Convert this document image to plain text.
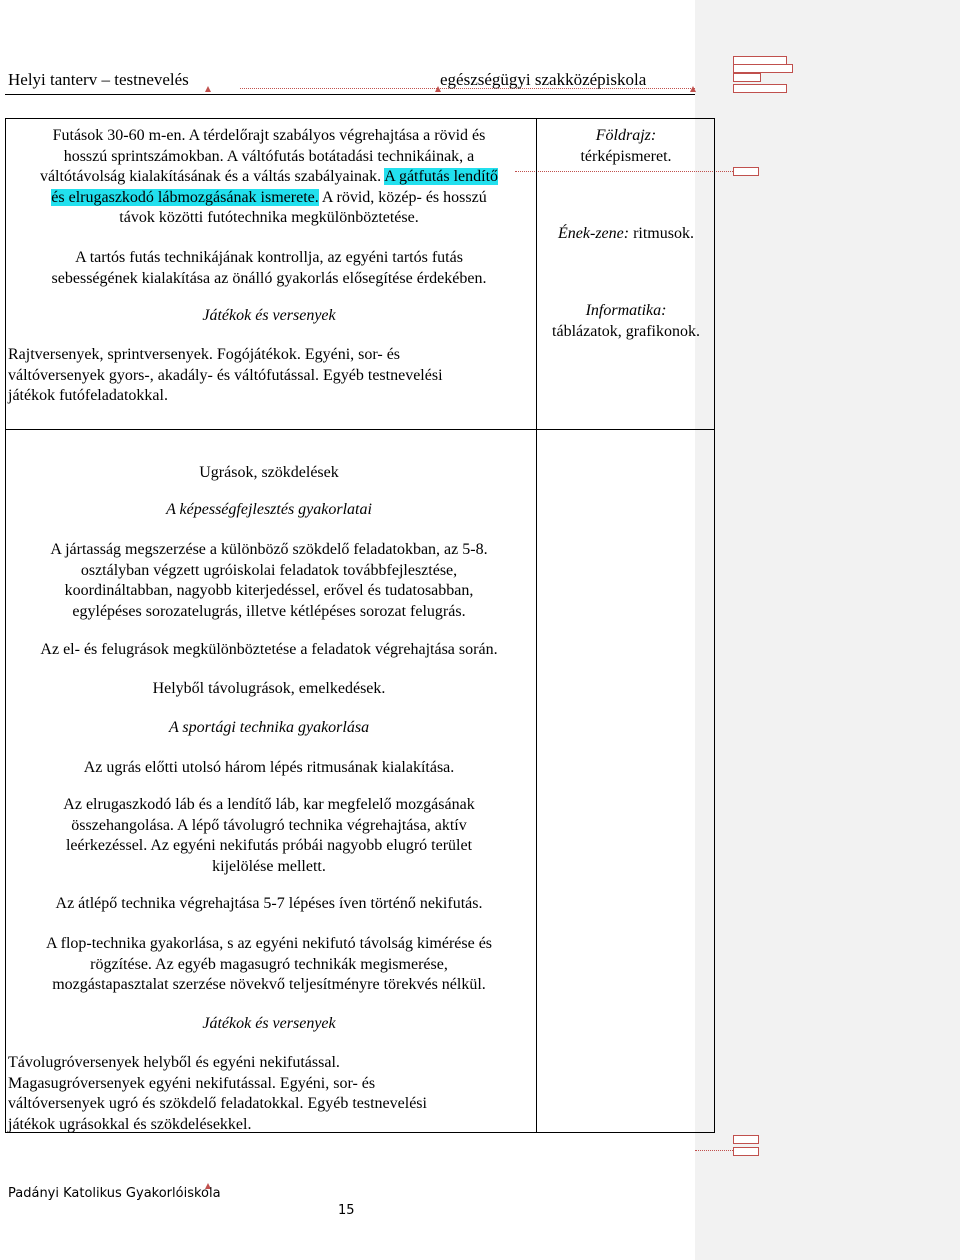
Helyi tanterv – testnevelés	egészségügyi szakközépiskola
Futások 30-60 m-en. A térdelőrajt szabályos végrehajtása a rövid és
hosszú sprintszámokban. A váltófutás botátadási technikáinak, a
váltótávolság kialakításának és a váltás szabályainak. A gátfutás lendítő
és elrugaszkodó lábmozgásának ismerete. A rövid, közép- és hosszú
távok közötti futótechnika megkülönböztetése.
A tartós futás technikájának kontrollja, az egyéni tartós futás
sebességének kialakítása az önálló gyakorlás elősegítése érdekében.
Játékok és versenyek
Rajtversenyek, sprintversenyek. Fogójátékok. Egyéni, sor- és
váltóversenyek gyors-, akadály- és váltófutással. Egyéb testnevelési
játékok futófeladatokkal.
Földrajz:
térképismeret.
Ének-zene: ritmusok.
Informatika:
táblázatok, grafikonok.
Ugrások, szökdelések
A képességfejlesztés gyakorlatai
A jártasság megszerzése a különböző szökdelő feladatokban, az 5-8.
osztályban végzett ugróiskolai feladatok továbbfejlesztése,
koordináltabban, nagyobb kiterjedéssel, erővel és tudatosabban,
egylépéses sorozatelugrás, illetve kétlépéses sorozat felugrás.
Az el- és felugrások megkülönböztetése a feladatok végrehajtása során.
Helyből távolugrások, emelkedések.
A sportági technika gyakorlása
Az ugrás előtti utolsó három lépés ritmusának kialakítása.
Az elrugaszkodó láb és a lendítő láb, kar megfelelő mozgásának
összehangolása. A lépő távolugró technika végrehajtása, aktív
leérkezéssel. Az egyéni nekifutás próbái nagyobb elugró terület
kijelölése mellett.
Az átlépő technika végrehajtása 5-7 lépéses íven történő nekifutás.
A flop-technika gyakorlása, s az egyéni nekifutó távolság kimérése és
rögzítése. Az egyéb magasugró technikák megismerése,
mozgástapasztalat szerzése növekvő teljesítményre törekvés nélkül.
Játékok és versenyek
Távolugróversenyek helyből és egyéni nekifutással.
Magasugróversenyek egyéni nekifutással. Egyéni, sor- és
váltóversenyek ugró és szökdelő feladatokkal. Egyéb testnevelési
játékok ugrásokkal és szökdelésekkel.
Padányi Katolikus Gyakorlóiskola
15
